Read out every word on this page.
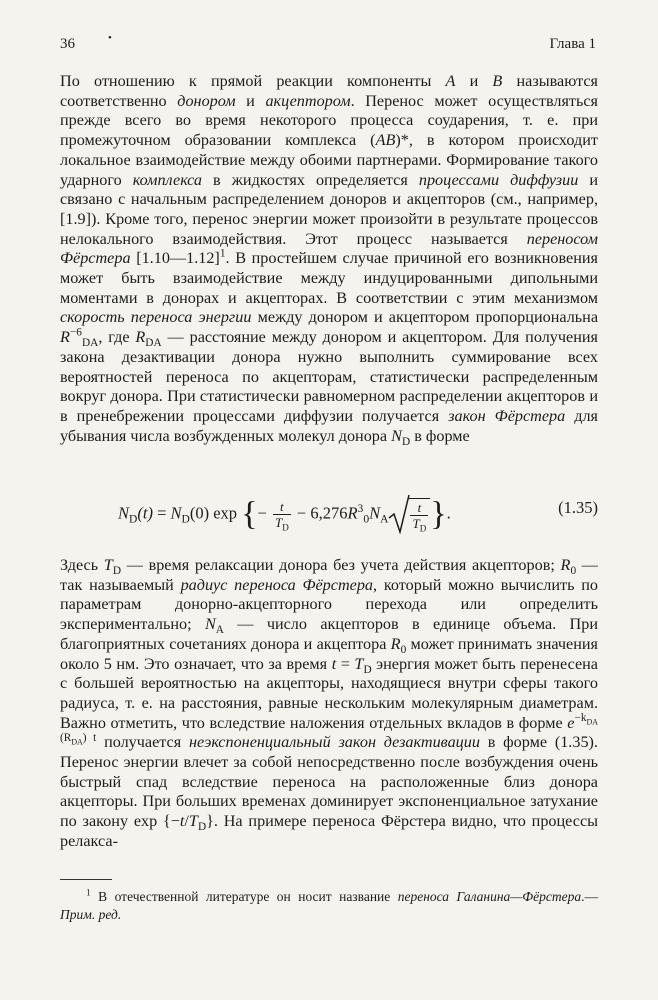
36	•	Глава 1

По отношению к прямой реакции компоненты A и B называются соответственно донором и акцептором. Перенос может осуществляться прежде всего во время некоторого процесса соударения, т. е. при промежуточном образовании комплекса (AB)*, в котором происходит локальное взаимодействие между обоими партнерами. Формирование такого ударного комплекса в жидкостях определяется процессами диффузии и связано с начальным распределением доноров и акцепторов (см., например, [1.9]). Кроме того, перенос энергии может произойти в результате процессов нелокального взаимодействия. Этот процесс называется переносом Фёрстера [1.10—1.12]$^1$. В простейшем случае причиной его возникновения может быть взаимодействие между индуцированными дипольными моментами в донорах и акцепторах. В соответствии с этим механизмом скорость переноса энергии между донором и акцептором пропорциональна $R^{-6}_{DA}$, где $R_{DA}$ — расстояние между донором и акцептором. Для получения закона дезактивации донора нужно выполнить суммирование всех вероятностей переноса по акцепторам, статистически распределенным вокруг донора. При статистически равномерном распределении акцепторов и в пренебрежении процессами диффузии получается закон Фёрстера для убывания числа возбужденных молекул донора $N_D$ в форме

$N_D(t) = N_D(0)$ exp {− $\frac{t}{T_D} - 6,276R^3_0N_A \frac{t}{T_D}$ }.	(1.35)

Здесь $T_D$ — время релаксации донора без учета действия акцепторов; $R_0$ — так называемый радиус переноса Фёрстера, который можно вычислить по параметрам донорно-акцепторного перехода или определить экспериментально; $N_A$ — число акцепторов в единице объема. При благоприятных сочетаниях донора и акцептора $R_0$ может принимать значения около 5 нм. Это означает, что за время $t = T_D$ энергия может быть перенесена с большей вероятностью на акцепторы, находящиеся внутри сферы такого радиуса, т. е. на расстояния, равные нескольким молекулярным диаметрам. Важно отметить, что вследствие наложения отдельных вкладов в форме $e^{-k_{DA} (R_{DA}) t}$ получается неэкспоненциальный закон дезактивации в форме (1.35). Перенос энергии влечет за собой непосредственно после возбуждения очень быстрый спад вследствие переноса на расположенные близ донора акцепторы. При больших временах доминирует экспоненциальное затухание по закону $\exp \{-t/T_D\}$. На примере переноса Фёрстера видно, что процессы релакса-

$^1$ В отечественной литературе он носит название переноса Галанина—Фёрстера.— Прим. ред.
